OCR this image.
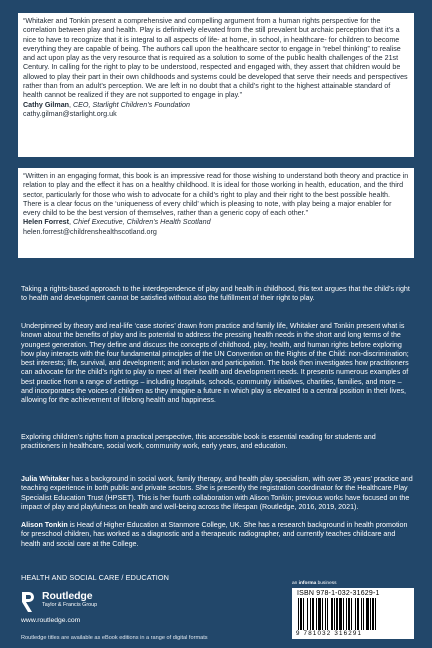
“Whitaker and Tonkin present a comprehensive and compelling argument from a human rights perspective for the correlation between play and health. Play is definitively elevated from the still prevalent but archaic perception that it’s a nice to have to recognize that it is integral to all aspects of life- at home, in school, in healthcare- for children to become everything they are capable of being. The authors call upon the healthcare sector to engage in “rebel thinking” to realise and act upon play as the very resource that is required as a solution to some of the public health challenges of the 21st Century. In calling for the right to play to be understood, respected and engaged with, they assert that children would be allowed to play their part in their own childhoods and systems could be developed that serve their needs and perspectives rather than from an adult’s perception. We are left in no doubt that a child’s right to the highest attainable standard of health cannot be realized if they are not supported to engage in play.”
Cathy Gilman, CEO, Starlight Children’s Foundation
cathy.gilman@starlight.org.uk

“Written in an engaging format, this book is an impressive read for those wishing to understand both theory and practice in relation to play and the effect it has on a healthy childhood. It is ideal for those working in health, education, and the third sector, particularly for those who wish to advocate for a child’s right to play and their right to the best possible health. There is a clear focus on the ‘uniqueness of every child’ which is pleasing to note, with play being a major enabler for every child to be the best version of themselves, rather than a generic copy of each other.”
Helen Forrest, Chief Executive, Children’s Health Scotland
helen.forrest@childrenshealthscotland.org

Taking a rights-based approach to the interdependence of play and health in childhood, this text argues that the child’s right to health and development cannot be satisfied without also the fulfillment of their right to play.

Underpinned by theory and real-life ‘case stories’ drawn from practice and family life, Whitaker and Tonkin present what is known about the benefits of play and its potential to address the pressing health needs in the short and long terms of the youngest generation. They define and discuss the concepts of childhood, play, health, and human rights before exploring how play interacts with the four fundamental principles of the UN Convention on the Rights of the Child: non-discrimination; best interests; life, survival, and development; and inclusion and participation. The book then investigates how practitioners can advocate for the child’s right to play to meet all their health and development needs. It presents numerous examples of best practice from a range of settings – including hospitals, schools, community initiatives, charities, families, and more – and incorporates the voices of children as they imagine a future in which play is elevated to a central position in their lives, allowing for the achievement of lifelong health and happiness.

Exploring children’s rights from a practical perspective, this accessible book is essential reading for students and practitioners in healthcare, social work, community work, early years, and education.

Julia Whitaker has a background in social work, family therapy, and health play specialism, with over 35 years’ practice and teaching experience in both public and private sectors. She is presently the registration coordinator for the Healthcare Play Specialist Education Trust (HPSET). This is her fourth collaboration with Alison Tonkin; previous works have focused on the impact of play and playfulness on health and well-being across the lifespan (Routledge, 2016, 2019, 2021).

Alison Tonkin is Head of Higher Education at Stanmore College, UK. She has a research background in health promotion for preschool children, has worked as a diagnostic and a therapeutic radiographer, and currently teaches childcare and health and social care at the College.

HEALTH AND SOCIAL CARE / EDUCATION
Routledge
Taylor & Francis Group
www.routledge.com
an informa business
ISBN 978-1-032-31629-1
9 781032 316291
Routledge titles are available as eBook editions in a range of digital formats
